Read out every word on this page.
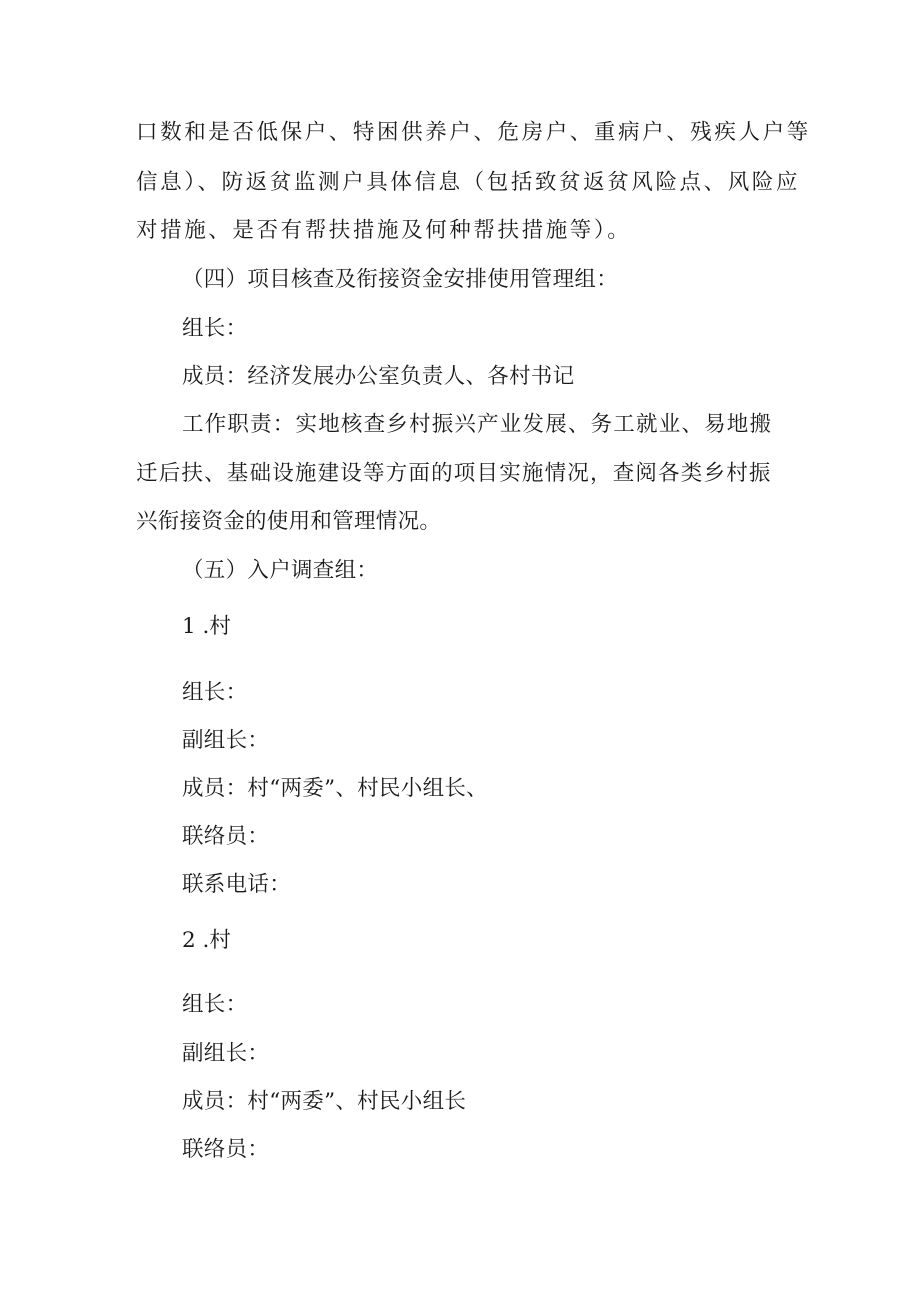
口数和是否低保户、特困供养户、危房户、重病户、残疾人户等
信息）、防返贫监测户具体信息（包括致贫返贫风险点、风险应
对措施、是否有帮扶措施及何种帮扶措施等）。
（四）项目核查及衔接资金安排使用管理组：
组长：
成员：经济发展办公室负责人、各村书记
工作职责：实地核查乡村振兴产业发展、务工就业、易地搬
迁后扶、基础设施建设等方面的项目实施情况，查阅各类乡村振
兴衔接资金的使用和管理情况。
（五）入户调查组：
1 .村
组长：
副组长：
成员：村“两委”、村民小组长、
联络员：
联系电话：
2 .村
组长：
副组长：
成员：村“两委”、村民小组长
联络员：
